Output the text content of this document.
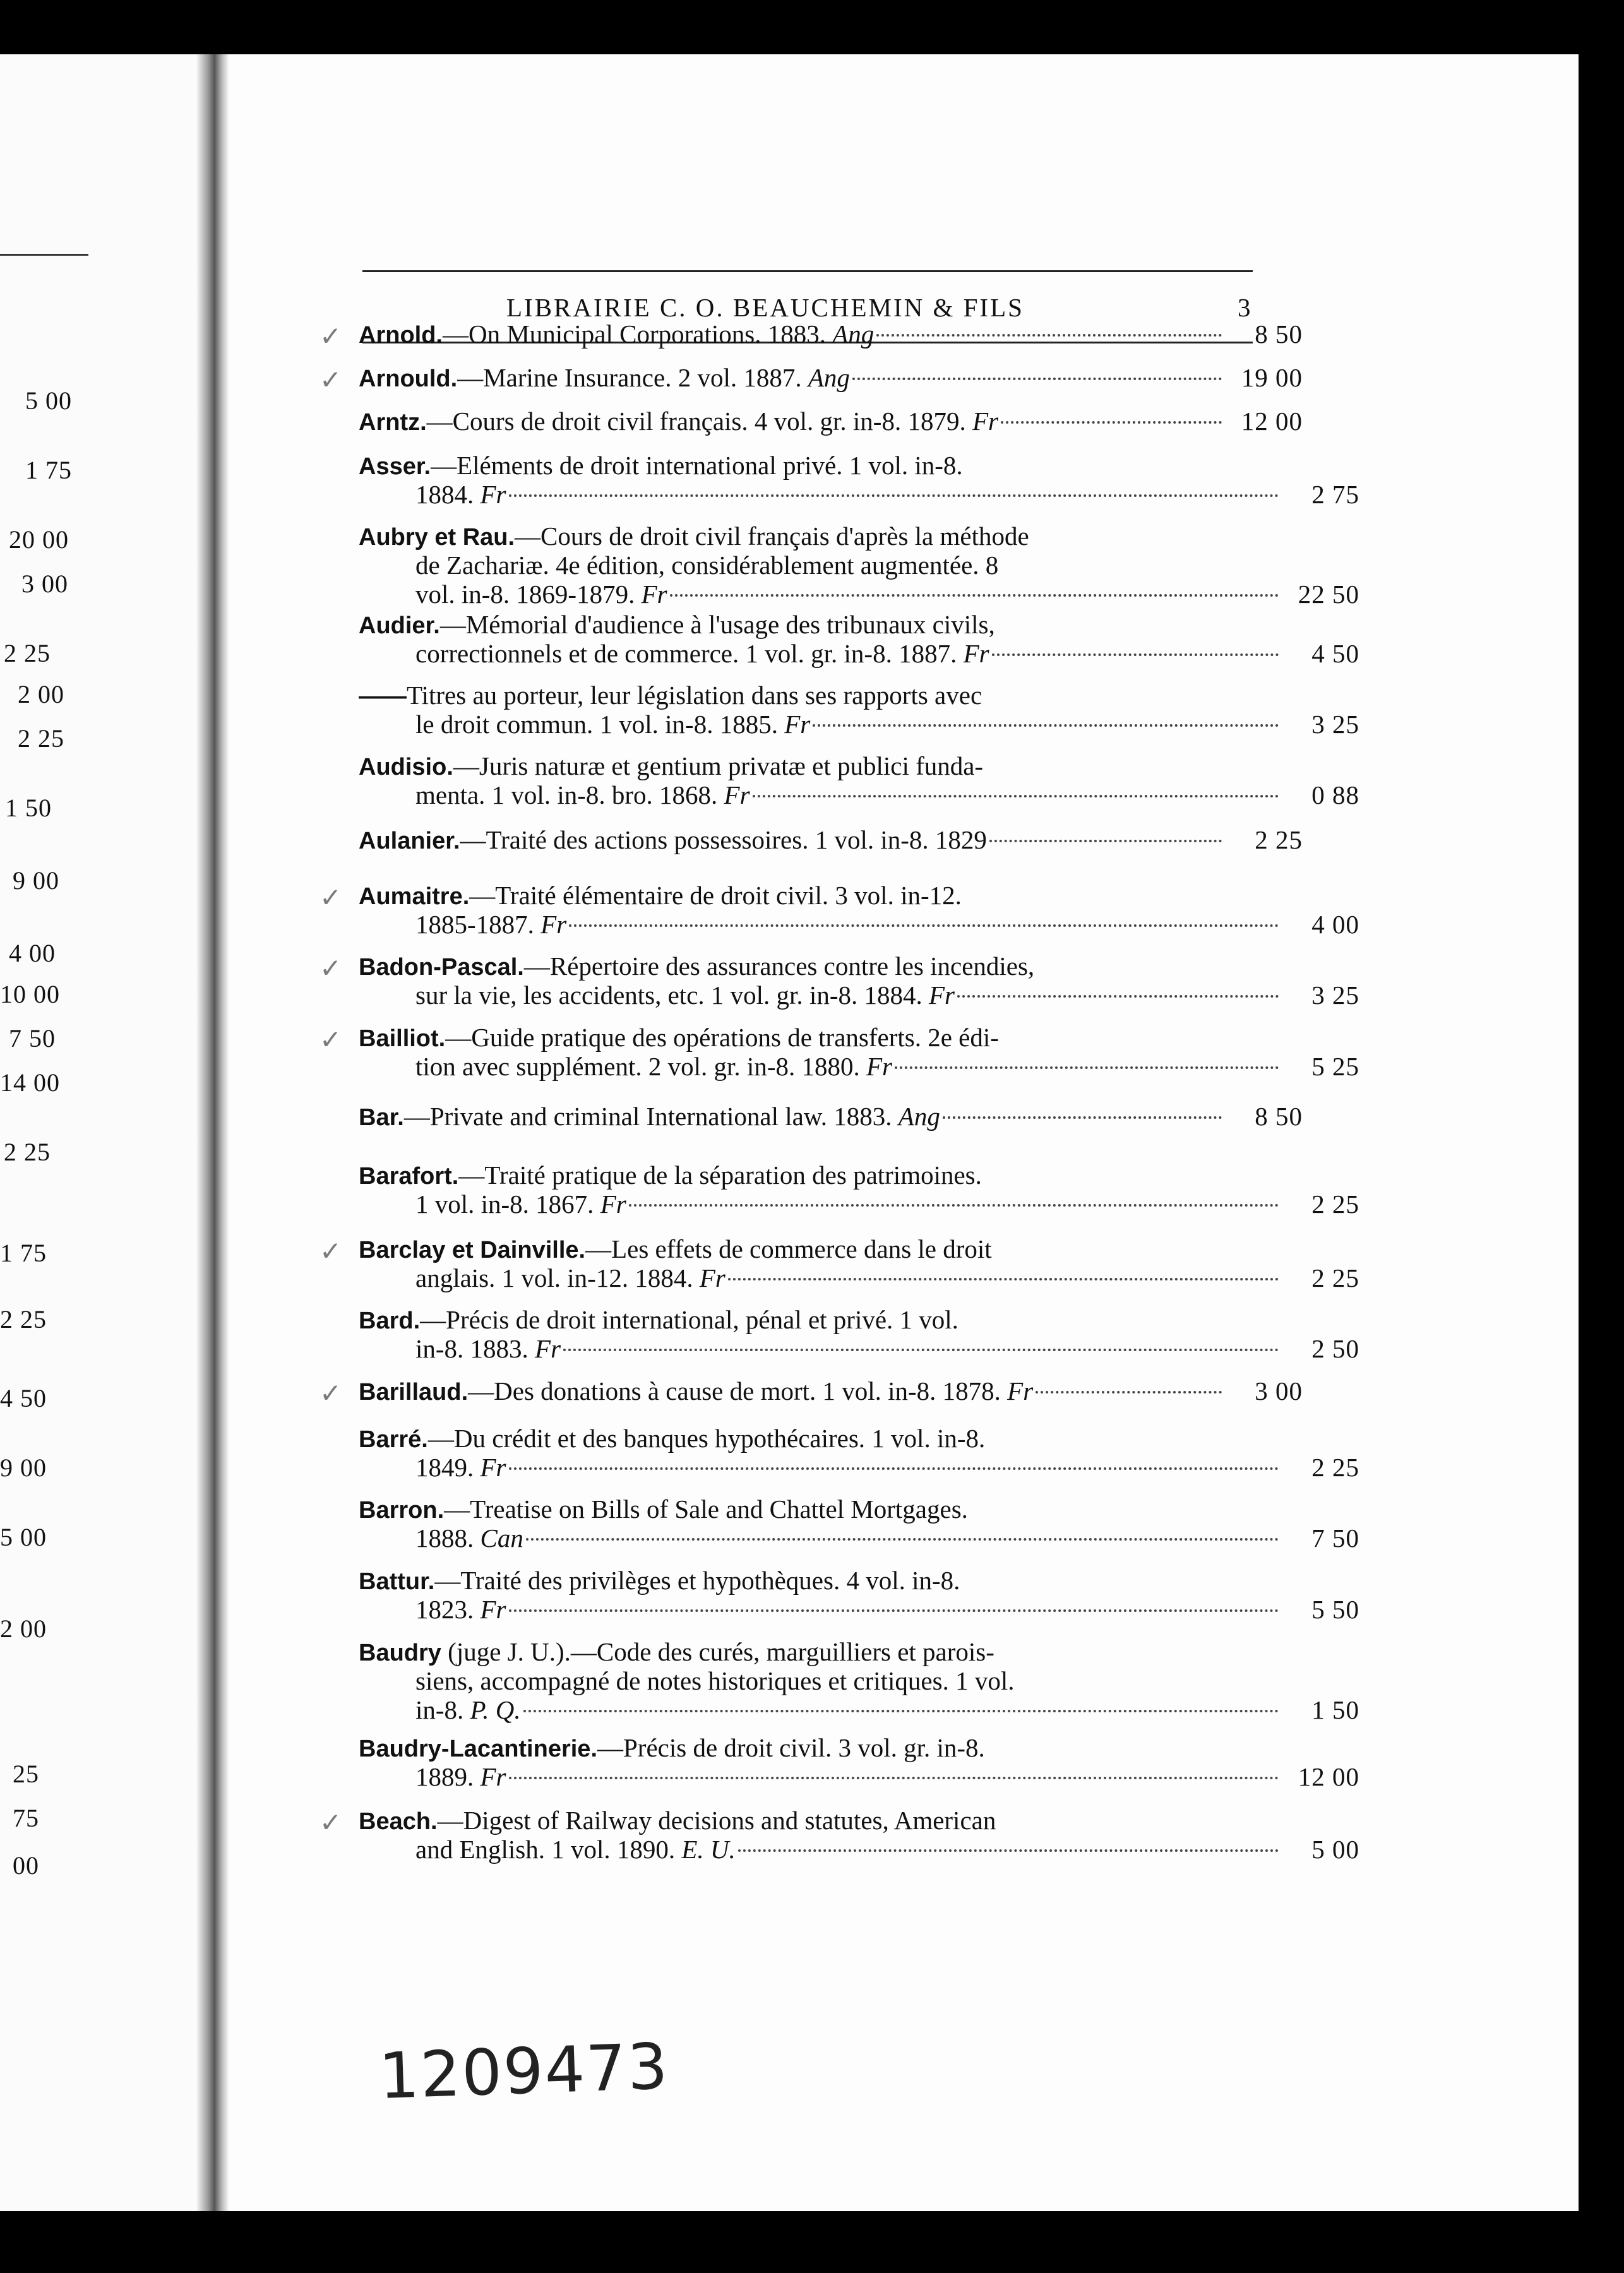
5 00
1 75
20 00
3 00
2 25
2 00
2 25
1 50
9 00
4 00
10 00
7 50
14 00
2 25
1 75
2 25
4 50
9 00
5 00
2 00
25
75
00
LIBRAIRIE C. O. BEAUCHEMIN & FILS	3
✓ Arnold.—On Municipal Corporations. 1883. Ang	8 50
✓ Arnould.—Marine Insurance. 2 vol. 1887. Ang	19 00
Arntz.—Cours de droit civil français. 4 vol. gr. in-8. 1879. Fr	12 00
Asser.—Eléments de droit international privé. 1 vol. in-8.
1884. Fr	2 75
Aubry et Rau.—Cours de droit civil français d'après la méthode
de Zachariæ. 4e édition, considérablement augmentée. 8
vol. in-8. 1869-1879. Fr	22 50
Audier.—Mémorial d'audience à l'usage des tribunaux civils,
correctionnels et de commerce. 1 vol. gr. in-8. 1887. Fr	4 50
——Titres au porteur, leur législation dans ses rapports avec
le droit commun. 1 vol. in-8. 1885. Fr	3 25
Audisio.—Juris naturæ et gentium privatæ et publici funda-
menta. 1 vol. in-8. bro. 1868. Fr	0 88
Aulanier.—Traité des actions possessoires. 1 vol. in-8. 1829	2 25
✓ Aumaitre.—Traité élémentaire de droit civil. 3 vol. in-12.
1885-1887. Fr	4 00
✓ Badon-Pascal.—Répertoire des assurances contre les incendies,
sur la vie, les accidents, etc. 1 vol. gr. in-8. 1884. Fr	3 25
✓ Bailliot.—Guide pratique des opérations de transferts. 2e édi-
tion avec supplément. 2 vol. gr. in-8. 1880. Fr	5 25
Bar.—Private and criminal International law. 1883. Ang	8 50
Barafort.—Traité pratique de la séparation des patrimoines.
1 vol. in-8. 1867. Fr	2 25
✓ Barclay et Dainville.—Les effets de commerce dans le droit
anglais. 1 vol. in-12. 1884. Fr	2 25
Bard.—Précis de droit international, pénal et privé. 1 vol.
in-8. 1883. Fr	2 50
✓ Barillaud.—Des donations à cause de mort. 1 vol. in-8. 1878. Fr	3 00
Barré.—Du crédit et des banques hypothécaires. 1 vol. in-8.
1849. Fr	2 25
Barron.—Treatise on Bills of Sale and Chattel Mortgages.
1888. Can	7 50
Battur.—Traité des privilèges et hypothèques. 4 vol. in-8.
1823. Fr	5 50
Baudry (juge J. U.).—Code des curés, marguilliers et parois-
siens, accompagné de notes historiques et critiques. 1 vol.
in-8. P. Q.	1 50
Baudry-Lacantinerie.—Précis de droit civil. 3 vol. gr. in-8.
1889. Fr	12 00
✓ Beach.—Digest of Railway decisions and statutes, American
and English. 1 vol. 1890. E. U.	5 00
1209473
